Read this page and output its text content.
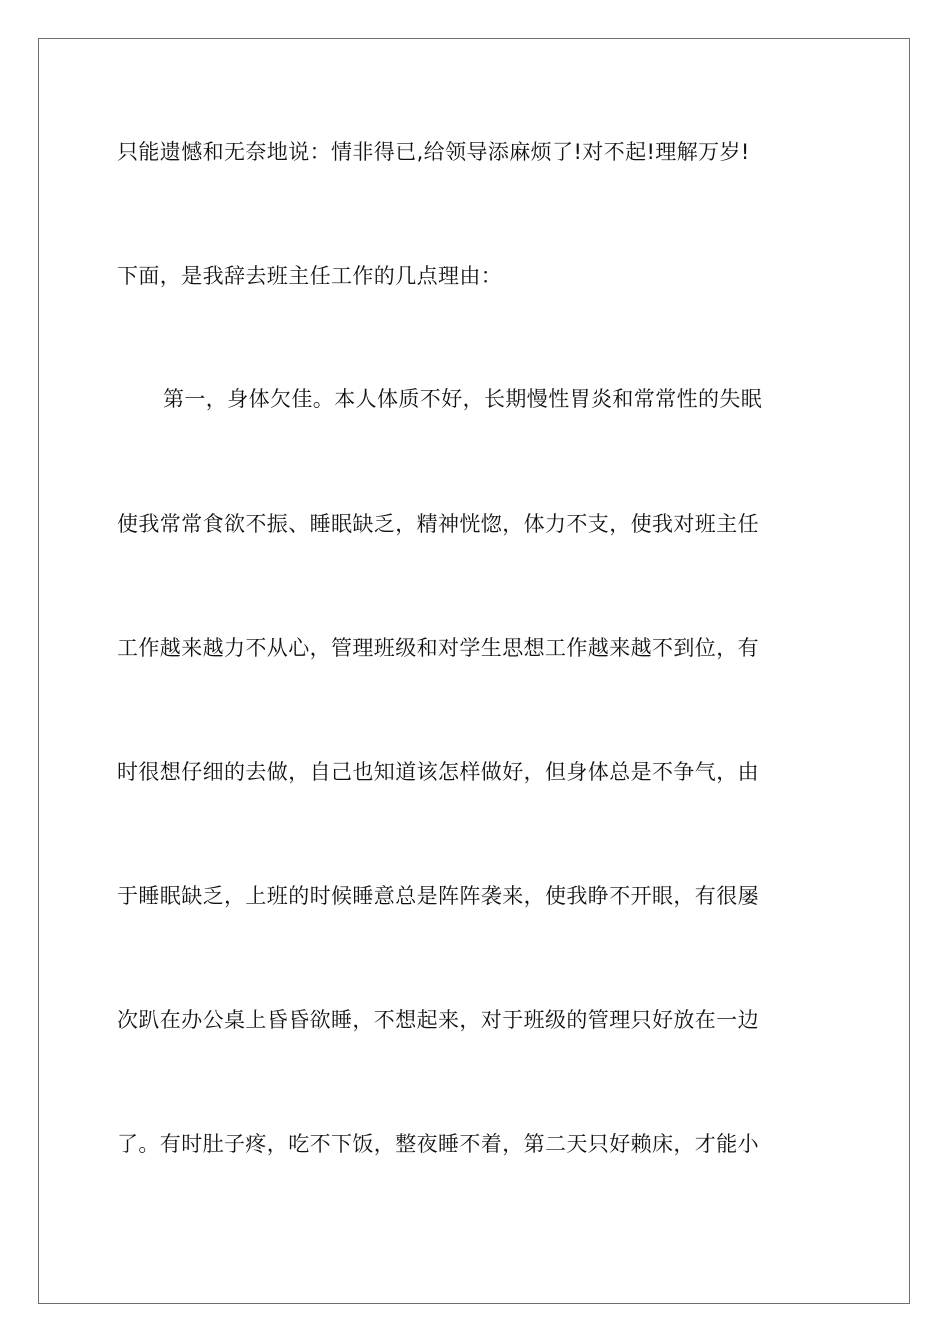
只能遗憾和无奈地说：情非得已,给领导添麻烦了!对不起!理解万岁!
下面，是我辞去班主任工作的几点理由：
第一，身体欠佳。本人体质不好，长期慢性胃炎和常常性的失眠
使我常常食欲不振、睡眠缺乏，精神恍惚，体力不支，使我对班主任
工作越来越力不从心，管理班级和对学生思想工作越来越不到位，有
时很想仔细的去做，自己也知道该怎样做好，但身体总是不争气，由
于睡眠缺乏，上班的时候睡意总是阵阵袭来，使我睁不开眼，有很屡
次趴在办公桌上昏昏欲睡，不想起来，对于班级的管理只好放在一边
了。有时肚子疼，吃不下饭，整夜睡不着，第二天只好赖床，才能小
